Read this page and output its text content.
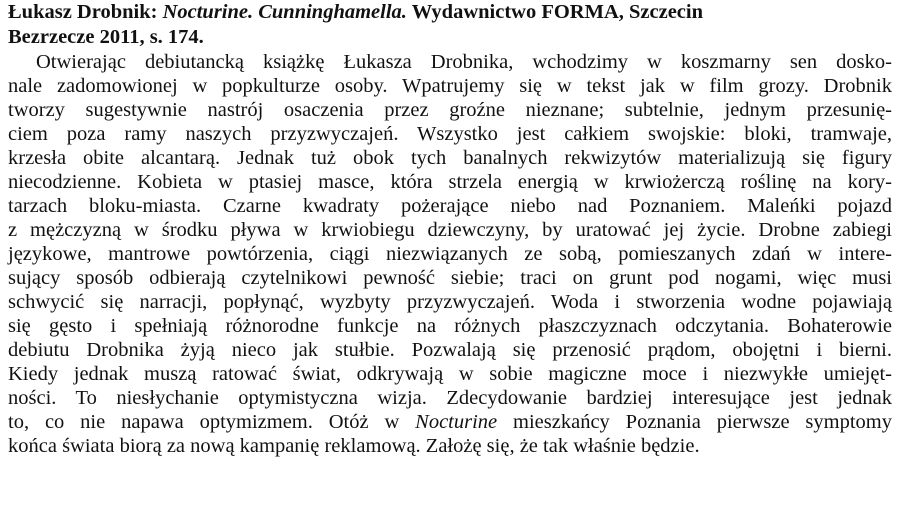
Łukasz Drobnik: Nocturine. Cunninghamella. Wydawnictwo FORMA, Szczecin
Bezrzecze 2011, s. 174.
Otwierając debiutancką książkę Łukasza Drobnika, wchodzimy w koszmarny sen dosko-
nale zadomowionej w popkulturze osoby. Wpatrujemy się w tekst jak w film grozy. Drobnik
tworzy sugestywnie nastrój osaczenia przez groźne nieznane; subtelnie, jednym przesunię-
ciem poza ramy naszych przyzwyczajeń. Wszystko jest całkiem swojskie: bloki, tramwaje,
krzesła obite alcantarą. Jednak tuż obok tych banalnych rekwizytów materializują się figury
niecodzienne. Kobieta w ptasiej masce, która strzela energią w krwiożerczą roślinę na kory-
tarzach bloku-miasta. Czarne kwadraty pożerające niebo nad Poznaniem. Maleńki pojazd
z mężczyzną w środku pływa w krwiobiegu dziewczyny, by uratować jej życie. Drobne zabiegi
językowe, mantrowe powtórzenia, ciągi niezwiązanych ze sobą, pomieszanych zdań w intere-
sujący sposób odbierają czytelnikowi pewność siebie; traci on grunt pod nogami, więc musi
schwycić się narracji, popłynąć, wyzbyty przyzwyczajeń. Woda i stworzenia wodne pojawiają
się gęsto i spełniają różnorodne funkcje na różnych płaszczyznach odczytania. Bohaterowie
debiutu Drobnika żyją nieco jak stułbie. Pozwalają się przenosić prądom, obojętni i bierni.
Kiedy jednak muszą ratować świat, odkrywają w sobie magiczne moce i niezwykłe umiejęt-
ności. To niesłychanie optymistyczna wizja. Zdecydowanie bardziej interesujące jest jednak
to, co nie napawa optymizmem. Otóż w Nocturine mieszkańcy Poznania pierwsze symptomy
końca świata biorą za nową kampanię reklamową. Założę się, że tak właśnie będzie.
